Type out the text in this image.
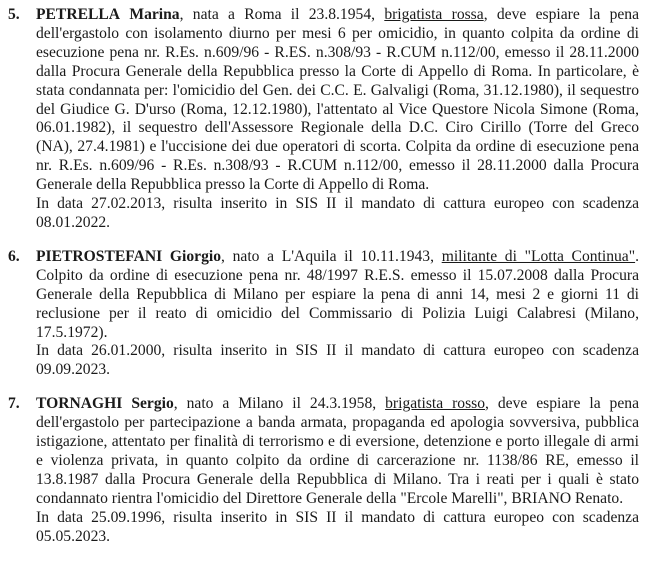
5. PETRELLA Marina, nata a Roma il 23.8.1954, brigatista rossa, deve espiare la pena dell'ergastolo con isolamento diurno per mesi 6 per omicidio, in quanto colpita da ordine di esecuzione pena nr. R.Es. n.609/96 - R.ES. n.308/93 - R.CUM n.112/00, emesso il 28.11.2000 dalla Procura Generale della Repubblica presso la Corte di Appello di Roma. In particolare, è stata condannata per: l'omicidio del Gen. dei C.C. E. Galvaligi (Roma, 31.12.1980), il sequestro del Giudice G. D'urso (Roma, 12.12.1980), l'attentato al Vice Questore Nicola Simone (Roma, 06.01.1982), il sequestro dell'Assessore Regionale della D.C. Ciro Cirillo (Torre del Greco (NA), 27.4.1981) e l'uccisione dei due operatori di scorta. Colpita da ordine di esecuzione pena nr. R.Es. n.609/96 - R.Es. n.308/93 - R.CUM n.112/00, emesso il 28.11.2000 dalla Procura Generale della Repubblica presso la Corte di Appello di Roma.

In data 27.02.2013, risulta inserito in SIS II il mandato di cattura europeo con scadenza 08.01.2022.

6. PIETROSTEFANI Giorgio, nato a L'Aquila il 10.11.1943, militante di "Lotta Continua". Colpito da ordine di esecuzione pena nr. 48/1997 R.E.S. emesso il 15.07.2008 dalla Procura Generale della Repubblica di Milano per espiare la pena di anni 14, mesi 2 e giorni 11 di reclusione per il reato di omicidio del Commissario di Polizia Luigi Calabresi (Milano, 17.5.1972).

In data 26.01.2000, risulta inserito in SIS II il mandato di cattura europeo con scadenza 09.09.2023.

7. TORNAGHI Sergio, nato a Milano il 24.3.1958, brigatista rosso, deve espiare la pena dell'ergastolo per partecipazione a banda armata, propaganda ed apologia sovversiva, pubblica istigazione, attentato per finalità di terrorismo e di eversione, detenzione e porto illegale di armi e violenza privata, in quanto colpito da ordine di carcerazione nr. 1138/86 RE, emesso il 13.8.1987 dalla Procura Generale della Repubblica di Milano. Tra i reati per i quali è stato condannato rientra l'omicidio del Direttore Generale della "Ercole Marelli", BRIANO Renato.

In data 25.09.1996, risulta inserito in SIS II il mandato di cattura europeo con scadenza 05.05.2023.
